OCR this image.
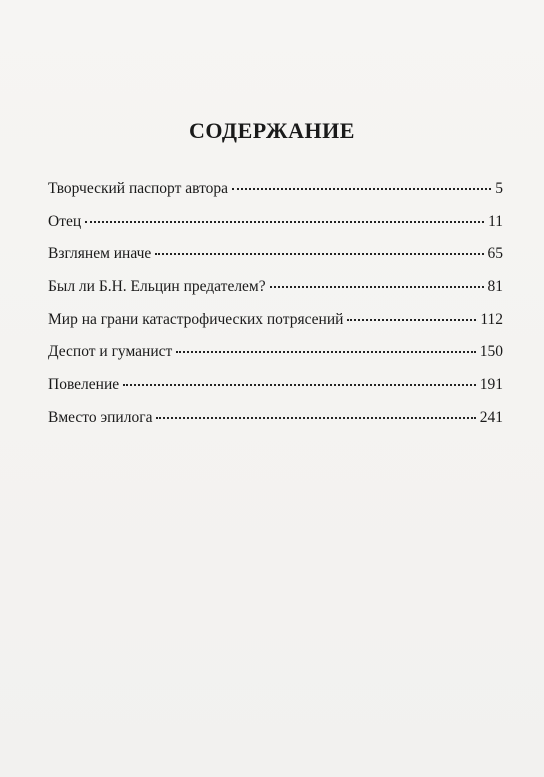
СОДЕРЖАНИЕ
Творческий паспорт автора	5
Отец	11
Взглянем иначе	65
Был ли Б.Н. Ельцин предателем?	81
Мир на грани катастрофических потрясений	112
Деспот и гуманист	150
Повеление	191
Вместо эпилога	241
